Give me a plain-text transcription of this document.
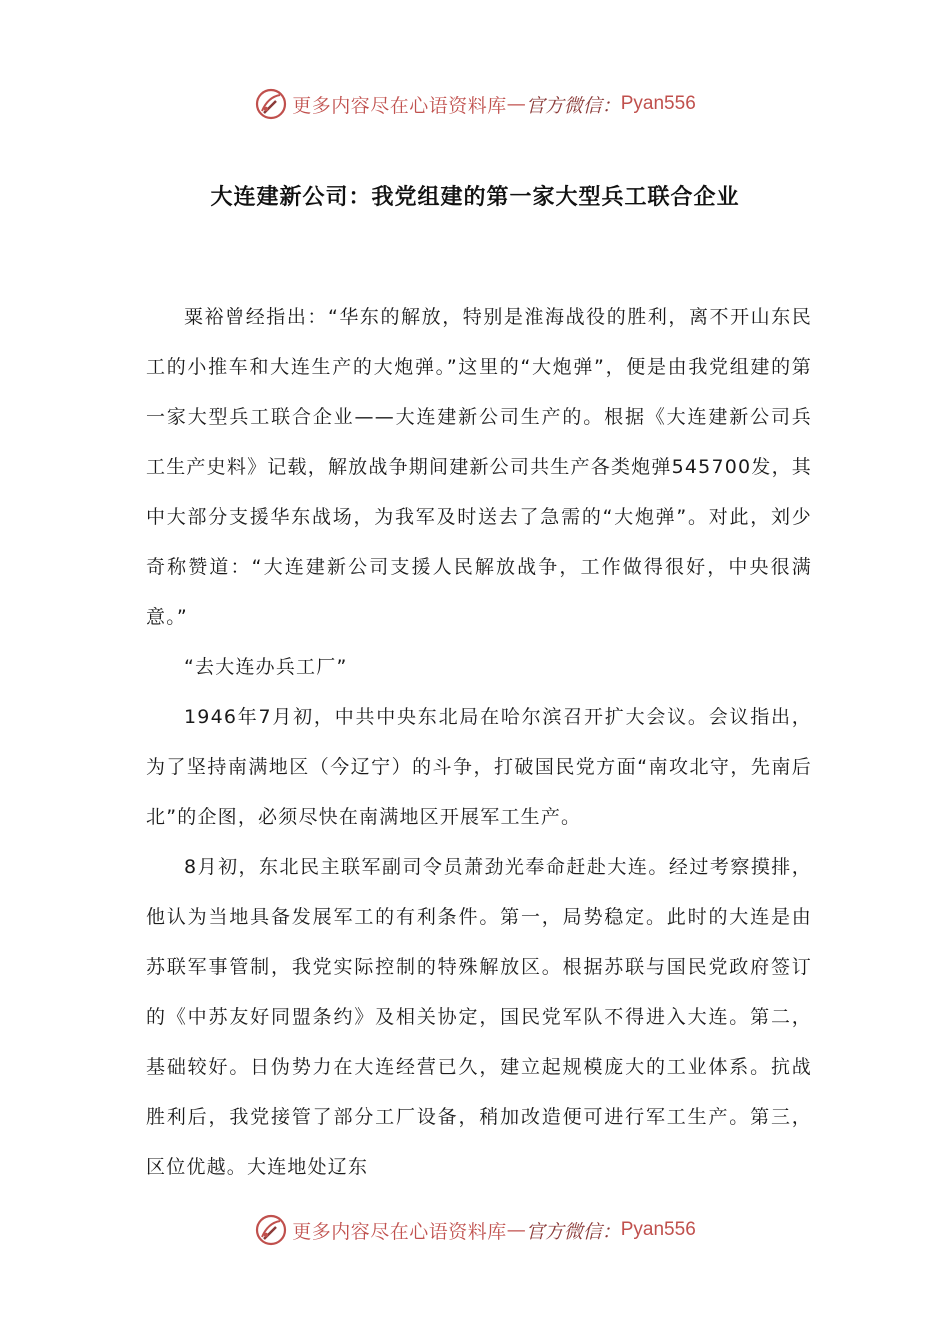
更多内容尽在心语资料库 — 官方微信： Pyan556
大连建新公司：我党组建的第一家大型兵工联合企业

粟裕曾经指出：“华东的解放，特别是淮海战役的胜利，离不开山东民工的小推车和大连生产的大炮弹。”这里的“大炮弹”，便是由我党组建的第一家大型兵工联合企业——大连建新公司生产的。根据《大连建新公司兵工生产史料》记载，解放战争期间建新公司共生产各类炮弹545700发，其中大部分支援华东战场，为我军及时送去了急需的“大炮弹”。对此，刘少奇称赞道：“大连建新公司支援人民解放战争，工作做得很好，中央很满意。”

“去大连办兵工厂”

1946年7月初，中共中央东北局在哈尔滨召开扩大会议。会议指出，为了坚持南满地区（今辽宁）的斗争，打破国民党方面“南攻北守，先南后北”的企图，必须尽快在南满地区开展军工生产。

8月初，东北民主联军副司令员萧劲光奉命赶赴大连。经过考察摸排，他认为当地具备发展军工的有利条件。第一，局势稳定。此时的大连是由苏联军事管制，我党实际控制的特殊解放区。根据苏联与国民党政府签订的《中苏友好同盟条约》及相关协定，国民党军队不得进入大连。第二，基础较好。日伪势力在大连经营已久，建立起规模庞大的工业体系。抗战胜利后，我党接管了部分工厂设备，稍加改造便可进行军工生产。第三，区位优越。大连地处辽东

更多内容尽在心语资料库 — 官方微信： Pyan556
